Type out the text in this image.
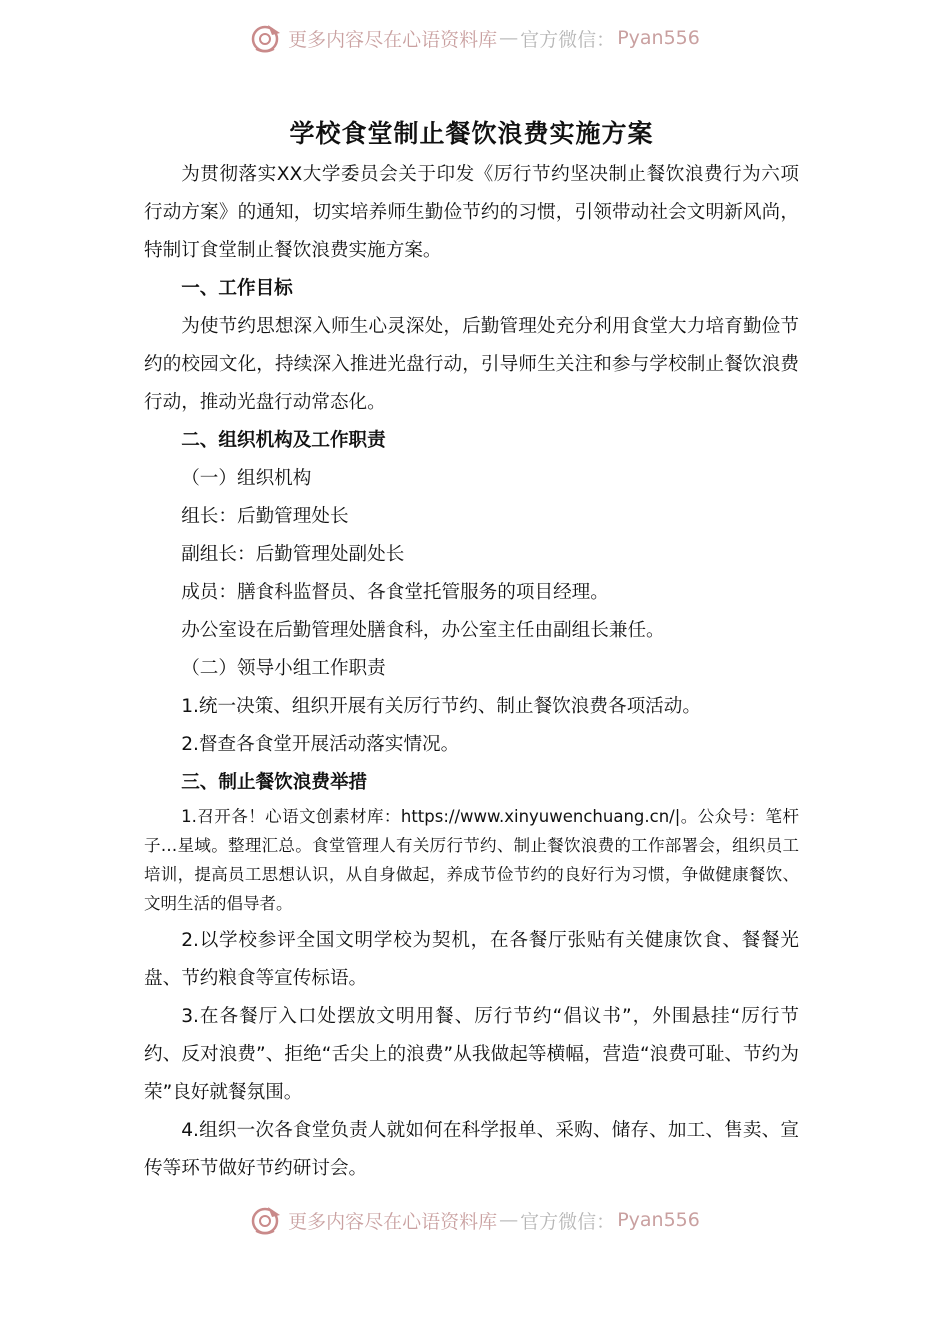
更多内容尽在心语资料库 — 官方微信： Pyan556
学校食堂制止餐饮浪费实施方案

为贯彻落实XX大学委员会关于印发《厉行节约坚决制止餐饮浪费行为六项行动方案》的通知，切实培养师生勤俭节约的习惯，引领带动社会文明新风尚，特制订食堂制止餐饮浪费实施方案。

一、工作目标

为使节约思想深入师生心灵深处，后勤管理处充分利用食堂大力培育勤俭节约的校园文化，持续深入推进光盘行动，引导师生关注和参与学校制止餐饮浪费行动，推动光盘行动常态化。

二、组织机构及工作职责

（一）组织机构

组长：后勤管理处长

副组长：后勤管理处副处长

成员：膳食科监督员、各食堂托管服务的项目经理。

办公室设在后勤管理处膳食科，办公室主任由副组长兼任。

（二）领导小组工作职责

1.统一决策、组织开展有关厉行节约、制止餐饮浪费各项活动。

2.督查各食堂开展活动落实情况。

三、制止餐饮浪费举措

1.召开各！心语文创素材库：https://www.xinyuwenchuang.cn/|。公众号：笔杆子…星域。整理汇总。食堂管理人有关厉行节约、制止餐饮浪费的工作部署会，组织员工培训，提高员工思想认识，从自身做起，养成节俭节约的良好行为习惯，争做健康餐饮、文明生活的倡导者。

2.以学校参评全国文明学校为契机，在各餐厅张贴有关健康饮食、餐餐光盘、节约粮食等宣传标语。

3.在各餐厅入口处摆放文明用餐、厉行节约“倡议书”，外围悬挂“厉行节约、反对浪费”、拒绝“舌尖上的浪费”从我做起等横幅，营造“浪费可耻、节约为荣”良好就餐氛围。

4.组织一次各食堂负责人就如何在科学报单、采购、储存、加工、售卖、宣传等环节做好节约研讨会。

更多内容尽在心语资料库 — 官方微信： Pyan556
